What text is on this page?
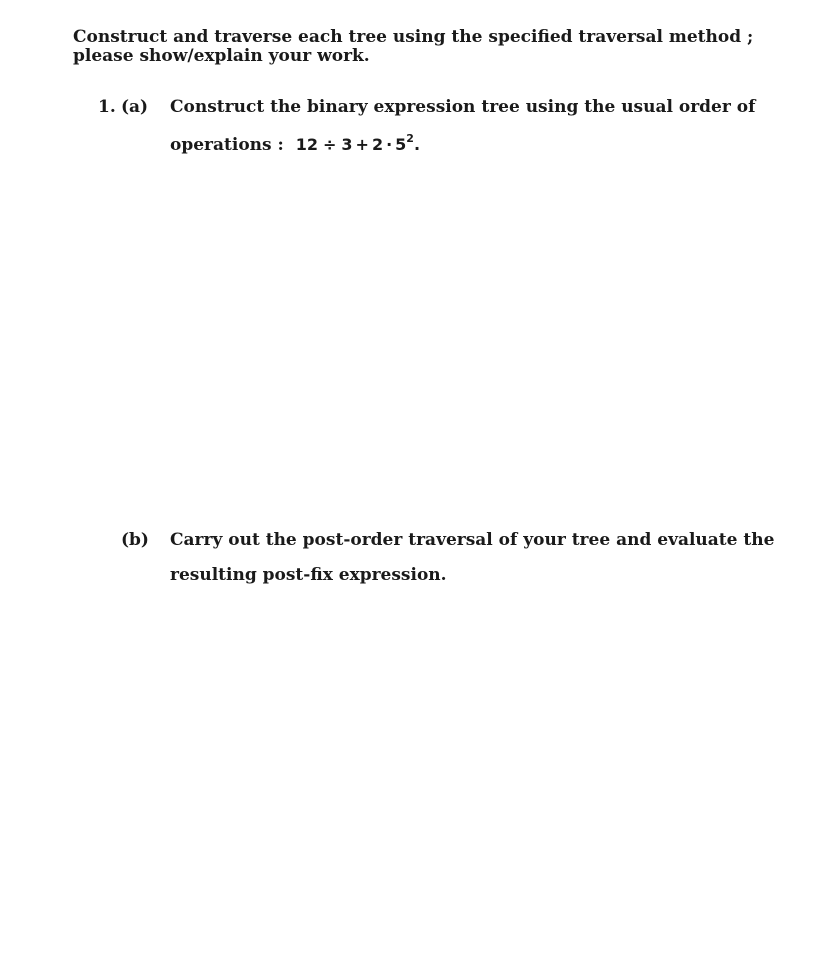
Construct and traverse each tree using the specified traversal method ;
please show/explain your work.
1. (a) Construct the binary expression tree using the usual order of
operations : $12 \div 3 + 2 \cdot 5^2$.
(b) Carry out the post-order traversal of your tree and evaluate the
resulting post-fix expression.
